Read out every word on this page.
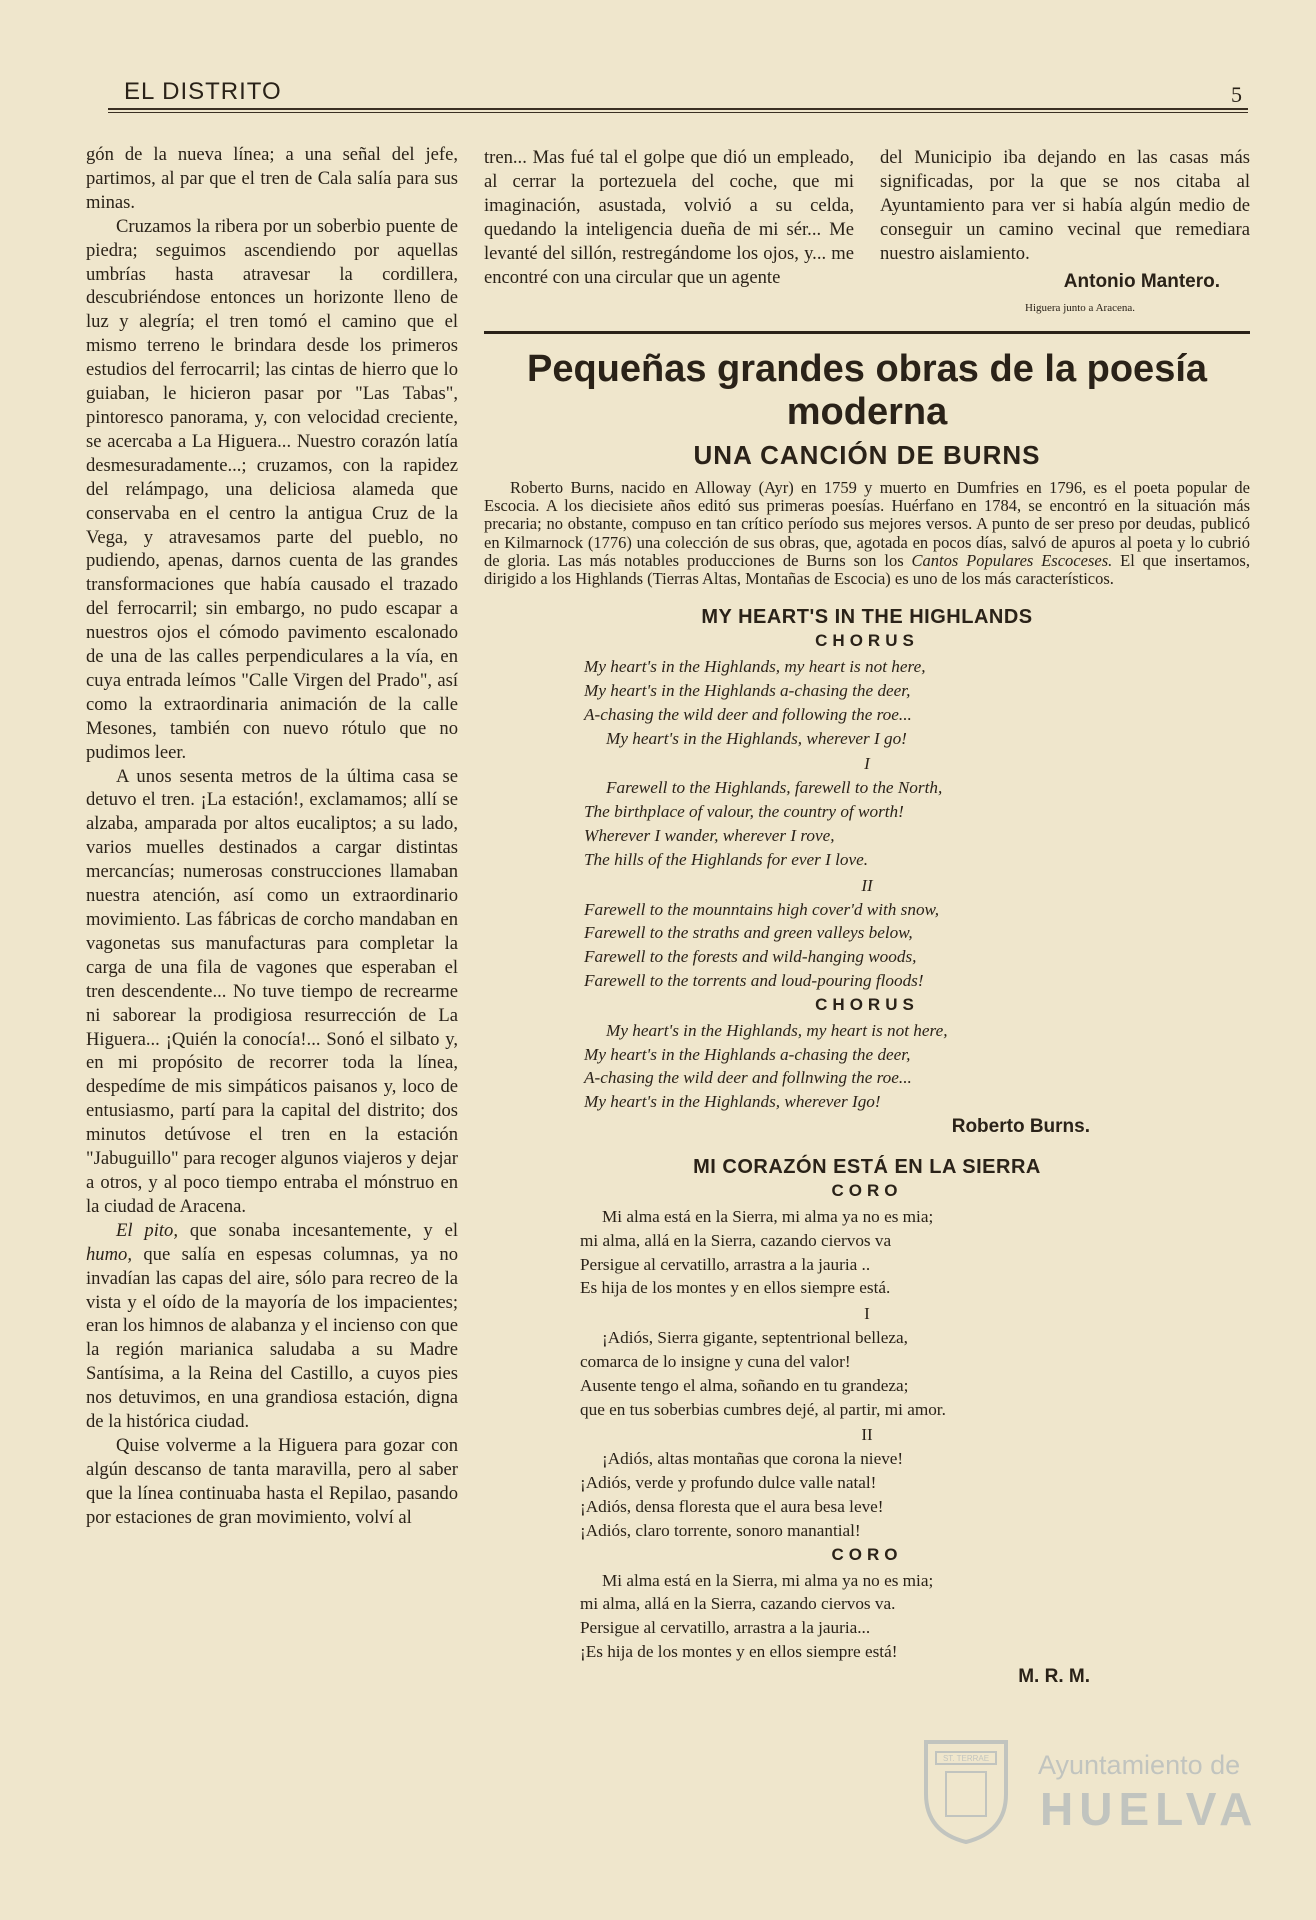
EL DISTRITO	5

gón de la nueva línea; a una señal del jefe, partimos, al par que el tren de Cala salía para sus minas.

Cruzamos la ribera por un soberbio puente de piedra; seguimos ascendiendo por aquellas umbrías hasta atravesar la cordillera, descubriéndose entonces un horizonte lleno de luz y alegría; el tren tomó el camino que el mismo terreno le brindara desde los primeros estudios del ferrocarril; las cintas de hierro que lo guiaban, le hicieron pasar por "Las Tabas", pintoresco panorama, y, con velocidad creciente, se acercaba a La Higuera... Nuestro corazón latía desmesuradamente...; cruzamos, con la rapidez del relámpago, una deliciosa alameda que conservaba en el centro la antigua Cruz de la Vega, y atravesamos parte del pueblo, no pudiendo, apenas, darnos cuenta de las grandes transformaciones que había causado el trazado del ferrocarril; sin embargo, no pudo escapar a nuestros ojos el cómodo pavimento escalonado de una de las calles perpendiculares a la vía, en cuya entrada leímos "Calle Virgen del Prado", así como la extraordinaria animación de la calle Mesones, también con nuevo rótulo que no pudimos leer.

A unos sesenta metros de la última casa se detuvo el tren. ¡La estación!, exclamamos; allí se alzaba, amparada por altos eucaliptos; a su lado, varios muelles destinados a cargar distintas mercancías; numerosas construcciones llamaban nuestra atención, así como un extraordinario movimiento. Las fábricas de corcho mandaban en vagonetas sus manufacturas para completar la carga de una fila de vagones que esperaban el tren descendente... No tuve tiempo de recrearme ni saborear la prodigiosa resurrección de La Higuera... ¡Quién la conocía!... Sonó el silbato y, en mi propósito de recorrer toda la línea, despedíme de mis simpáticos paisanos y, loco de entusiasmo, partí para la capital del distrito; dos minutos detúvose el tren en la estación "Jabuguillo" para recoger algunos viajeros y dejar a otros, y al poco tiempo entraba el mónstruo en la ciudad de Aracena.

El pito, que sonaba incesantemente, y el humo, que salía en espesas columnas, ya no invadían las capas del aire, sólo para recreo de la vista y el oído de la mayoría de los impacientes; eran los himnos de alabanza y el incienso con que la región marianica saludaba a su Madre Santísima, a la Reina del Castillo, a cuyos pies nos detuvimos, en una grandiosa estación, digna de la histórica ciudad.

Quise volverme a la Higuera para gozar con algún descanso de tanta maravilla, pero al saber que la línea continuaba hasta el Repilao, pasando por estaciones de gran movimiento, volví al

tren... Mas fué tal el golpe que dió un empleado, al cerrar la portezuela del coche, que mi imaginación, asustada, volvió a su celda, quedando la inteligencia dueña de mi sér... Me levanté del sillón, restregándome los ojos, y... me encontré con una circular que un agente

del Municipio iba dejando en las casas más significadas, por la que se nos citaba al Ayuntamiento para ver si había algún medio de conseguir un camino vecinal que remediara nuestro aislamiento.

Antonio Mantero.
Higuera junto a Aracena.
Pequeñas grandes obras de la poesía moderna
UNA CANCIÓN DE BURNS

Roberto Burns, nacido en Alloway (Ayr) en 1759 y muerto en Dumfries en 1796, es el poeta popular de Escocia. A los diecisiete años editó sus primeras poesías. Huérfano en 1784, se encontró en la situación más precaria; no obstante, compuso en tan crítico período sus mejores versos. A punto de ser preso por deudas, publicó en Kilmarnock (1776) una colección de sus obras, que, agotada en pocos días, salvó de apuros al poeta y lo cubrió de gloria. Las más notables producciones de Burns son los Cantos Populares Escoceses. El que insertamos, dirigido a los Highlands (Tierras Altas, Montañas de Escocia) es uno de los más característicos.

MY HEART'S IN THE HIGHLANDS
CHORUS
My heart's in the Highlands, my heart is not here,
My heart's in the Highlands a-chasing the deer,
A-chasing the wild deer and following the roe...
My heart's in the Highlands, wherever I go!
I
Farewell to the Highlands, farewell to the North,
The birthplace of valour, the country of worth!
Wherever I wander, wherever I rove,
The hills of the Highlands for ever I love.
II
Farewell to the mounntains high cover'd with snow,
Farewell to the straths and green valleys below,
Farewell to the forests and wild-hanging woods,
Farewell to the torrents and loud-pouring floods!
CHORUS
My heart's in the Highlands, my heart is not here,
My heart's in the Highlands a-chasing the deer,
A-chasing the wild deer and follnwing the roe...
My heart's in the Highlands, wherever Igo!
Roberto Burns.
MI CORAZÓN ESTÁ EN LA SIERRA
CORO
Mi alma está en la Sierra, mi alma ya no es mia;
mi alma, allá en la Sierra, cazando ciervos va
Persigue al cervatillo, arrastra a la jauria ..
Es hija de los montes y en ellos siempre está.
I
¡Adiós, Sierra gigante, septentrional belleza,
comarca de lo insigne y cuna del valor!
Ausente tengo el alma, soñando en tu grandeza;
que en tus soberbias cumbres dejé, al partir, mi amor.
II
¡Adiós, altas montañas que corona la nieve!
¡Adiós, verde y profundo dulce valle natal!
¡Adiós, densa floresta que el aura besa leve!
¡Adiós, claro torrente, sonoro manantial!
CORO
Mi alma está en la Sierra, mi alma ya no es mia;
mi alma, allá en la Sierra, cazando ciervos va.
Persigue al cervatillo, arrastra a la jauria...
¡Es hija de los montes y en ellos siempre está!
M. R. M.
ST. TERRAE Ayuntamiento de
HUELVA
